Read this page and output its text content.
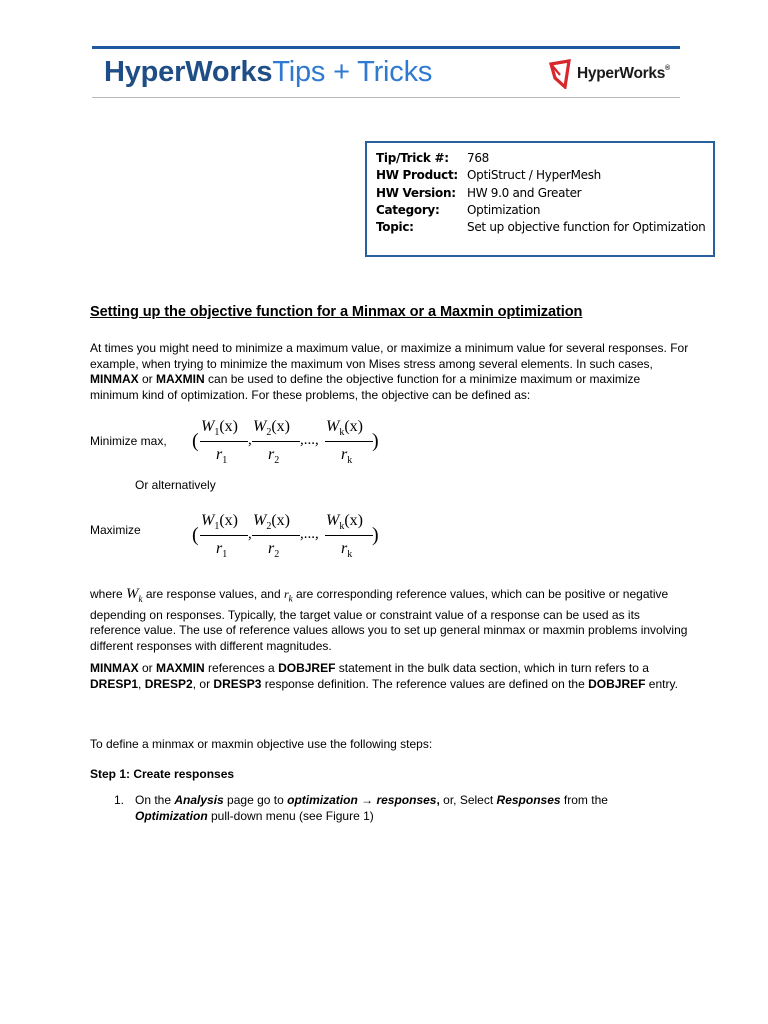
HyperWorksTips + Tricks	HyperWorks®
Tip/Trick #:	768
HW Product: OptiStruct / HyperMesh
HW Version: HW 9.0 and Greater
Category:	Optimization
Topic:	Set up objective function for Optimization
Setting up the objective function for a Minmax or a Maxmin optimization

At times you might need to minimize a maximum value, or maximize a minimum value for several responses. For example, when trying to minimize the maximum von Mises stress among several elements. In such cases, MINMAX or MAXMIN can be used to define the objective function for a minimize maximum or maximize minimum kind of optimization. For these problems, the objective can be defined as:

Minimize max, (
$W_1(x)$
$r_1$
,
$W_2(x)$
$r_2$
,...,
$W_k(x)$
$r_k$
)
Or alternatively
Maximize	(
$W_1(x)$
$r_1$
,
$W_2(x)$
$r_2$
,...,
$W_k(x)$
$r_k$
)

where $W_k$ are response values, and $r_k$ are corresponding reference values, which can be positive or negative depending on responses. Typically, the target value or constraint value of a response can be used as its reference value. The use of reference values allows you to set up general minmax or maxmin problems involving different responses with different magnitudes.

MINMAX or MAXMIN references a DOBJREF statement in the bulk data section, which in turn refers to a DRESP1, DRESP2, or DRESP3 response definition. The reference values are defined on the DOBJREF entry.

To define a minmax or maxmin objective use the following steps:

Step 1: Create responses
1. On the Analysis page go to optimization → responses, or, Select Responses from the
Optimization pull-down menu (see Figure 1)
